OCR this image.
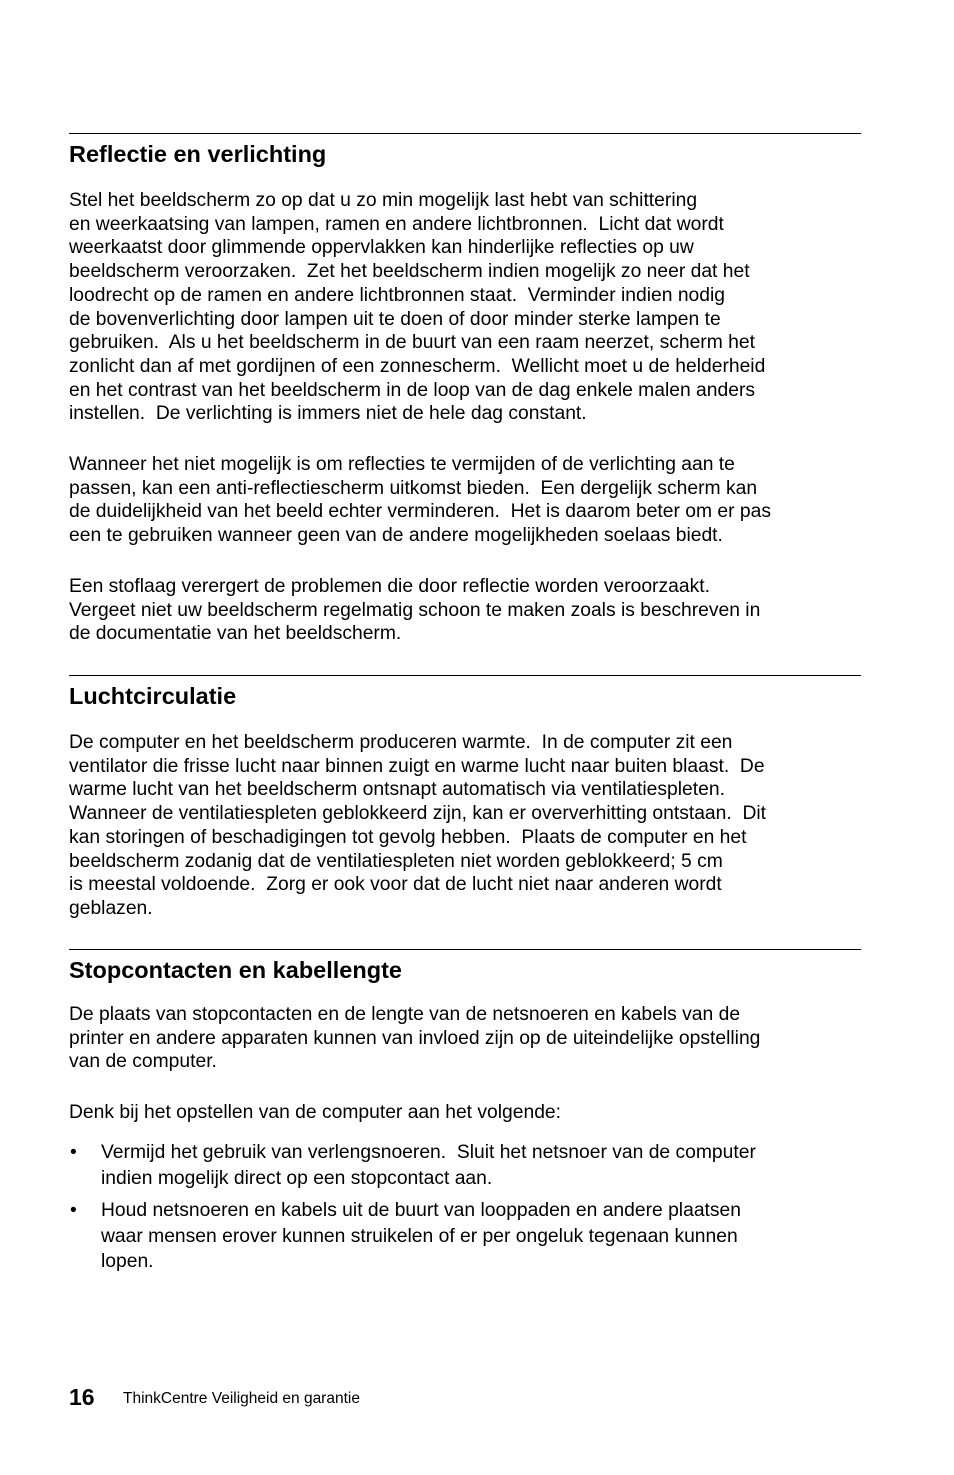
Reflectie en verlichting

Stel het beeldscherm zo op dat u zo min mogelijk last hebt van schittering
en weerkaatsing van lampen, ramen en andere lichtbronnen.  Licht dat wordt
weerkaatst door glimmende oppervlakken kan hinderlijke reflecties op uw
beeldscherm veroorzaken.  Zet het beeldscherm indien mogelijk zo neer dat het
loodrecht op de ramen en andere lichtbronnen staat.  Verminder indien nodig
de bovenverlichting door lampen uit te doen of door minder sterke lampen te
gebruiken.  Als u het beeldscherm in de buurt van een raam neerzet, scherm het
zonlicht dan af met gordijnen of een zonnescherm.  Wellicht moet u de helderheid
en het contrast van het beeldscherm in de loop van de dag enkele malen anders
instellen.  De verlichting is immers niet de hele dag constant.

Wanneer het niet mogelijk is om reflecties te vermijden of de verlichting aan te
passen, kan een anti-reflectiescherm uitkomst bieden.  Een dergelijk scherm kan
de duidelijkheid van het beeld echter verminderen.  Het is daarom beter om er pas
een te gebruiken wanneer geen van de andere mogelijkheden soelaas biedt.

Een stoflaag verergert de problemen die door reflectie worden veroorzaakt.
Vergeet niet uw beeldscherm regelmatig schoon te maken zoals is beschreven in
de documentatie van het beeldscherm.

Luchtcirculatie

De computer en het beeldscherm produceren warmte.  In de computer zit een
ventilator die frisse lucht naar binnen zuigt en warme lucht naar buiten blaast.  De
warme lucht van het beeldscherm ontsnapt automatisch via ventilatiespleten.
Wanneer de ventilatiespleten geblokkeerd zijn, kan er oververhitting ontstaan.  Dit
kan storingen of beschadigingen tot gevolg hebben.  Plaats de computer en het
beeldscherm zodanig dat de ventilatiespleten niet worden geblokkeerd; 5 cm
is meestal voldoende.  Zorg er ook voor dat de lucht niet naar anderen wordt
geblazen.

Stopcontacten en kabellengte

De plaats van stopcontacten en de lengte van de netsnoeren en kabels van de
printer en andere apparaten kunnen van invloed zijn op de uiteindelijke opstelling
van de computer.

Denk bij het opstellen van de computer aan het volgende:

• Vermijd het gebruik van verlengsnoeren.  Sluit het netsnoer van de computer
indien mogelijk direct op een stopcontact aan.
• Houd netsnoeren en kabels uit de buurt van looppaden en andere plaatsen
waar mensen erover kunnen struikelen of er per ongeluk tegenaan kunnen
lopen.
16 ThinkCentre Veiligheid en garantie
